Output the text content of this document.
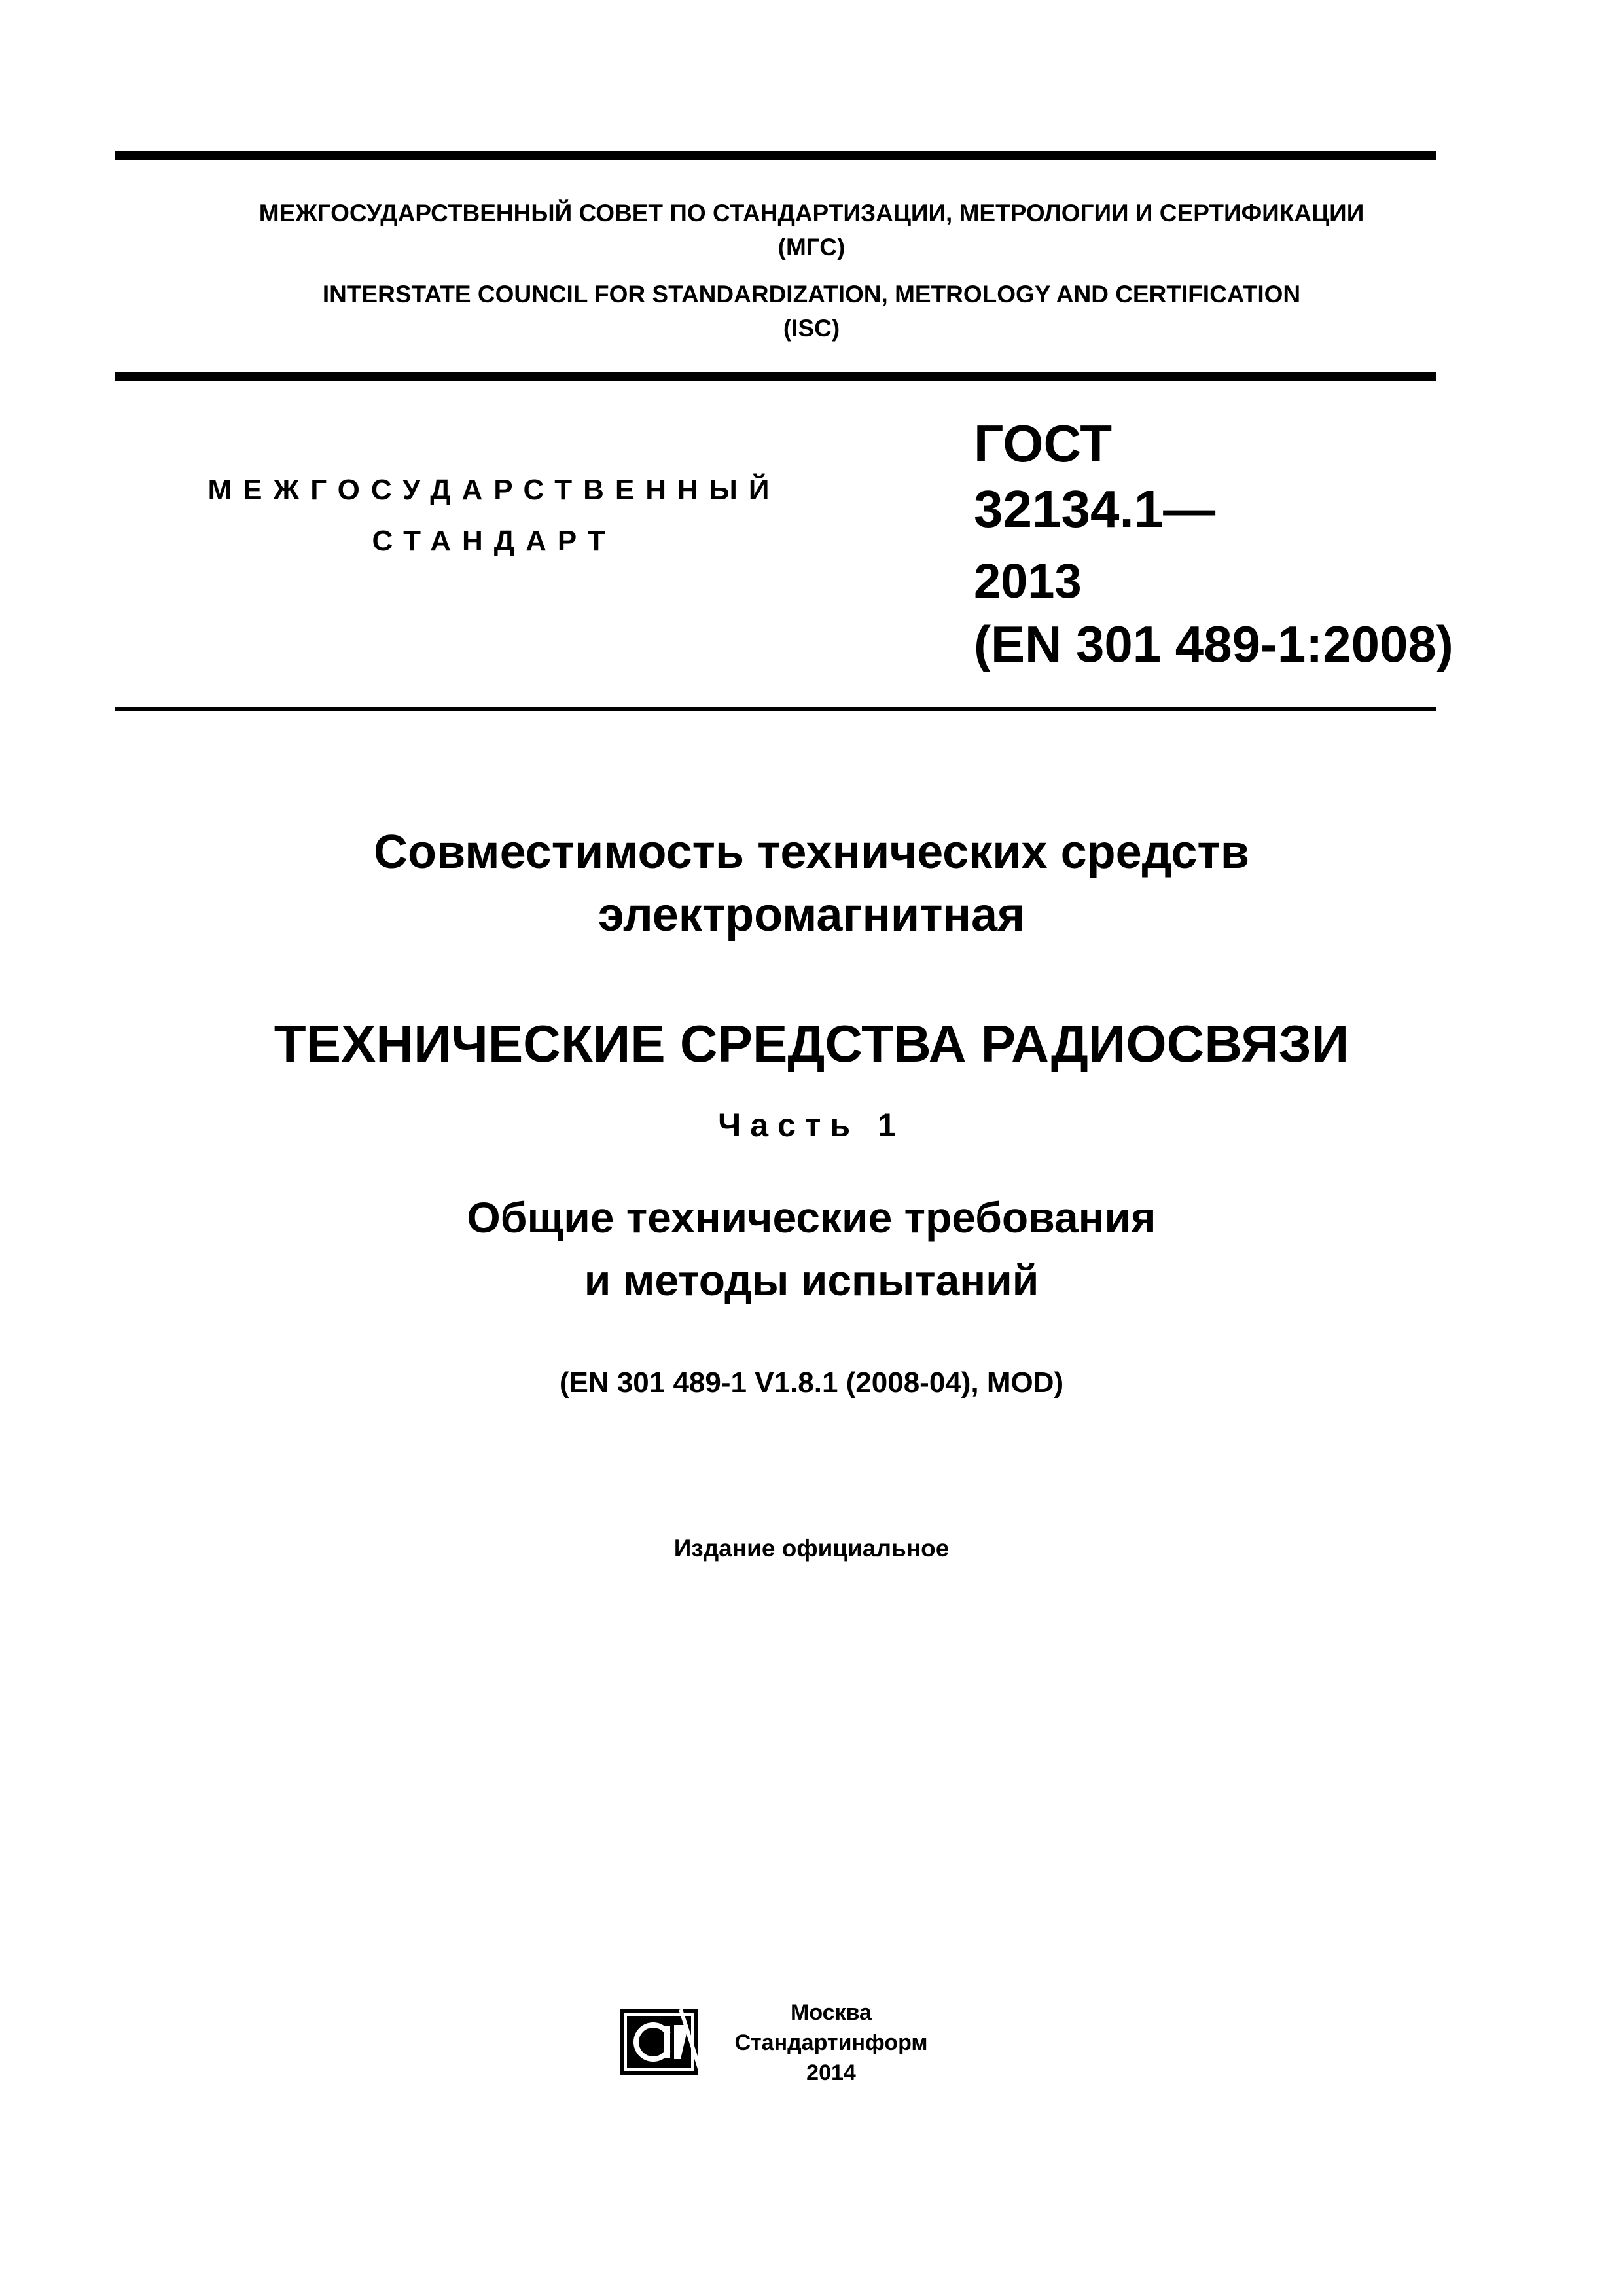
МЕЖГОСУДАРСТВЕННЫЙ СОВЕТ ПО СТАНДАРТИЗАЦИИ, МЕТРОЛОГИИ И СЕРТИФИКАЦИИ
(МГС)
INTERSTATE COUNCIL FOR STANDARDIZATION, METROLOGY AND CERTIFICATION
(ISC)
МЕЖГОСУДАРСТВЕННЫЙ
СТАНДАРТ
ГОСТ
32134.1—
2013
(EN 301 489-1:2008)
Совместимость технических средств
электромагнитная
ТЕХНИЧЕСКИЕ СРЕДСТВА РАДИОСВЯЗИ
Часть 1
Общие технические требования
и методы испытаний
(EN 301 489-1 V1.8.1 (2008-04), MOD)
Издание официальное
Москва
Стандартинформ
2014
